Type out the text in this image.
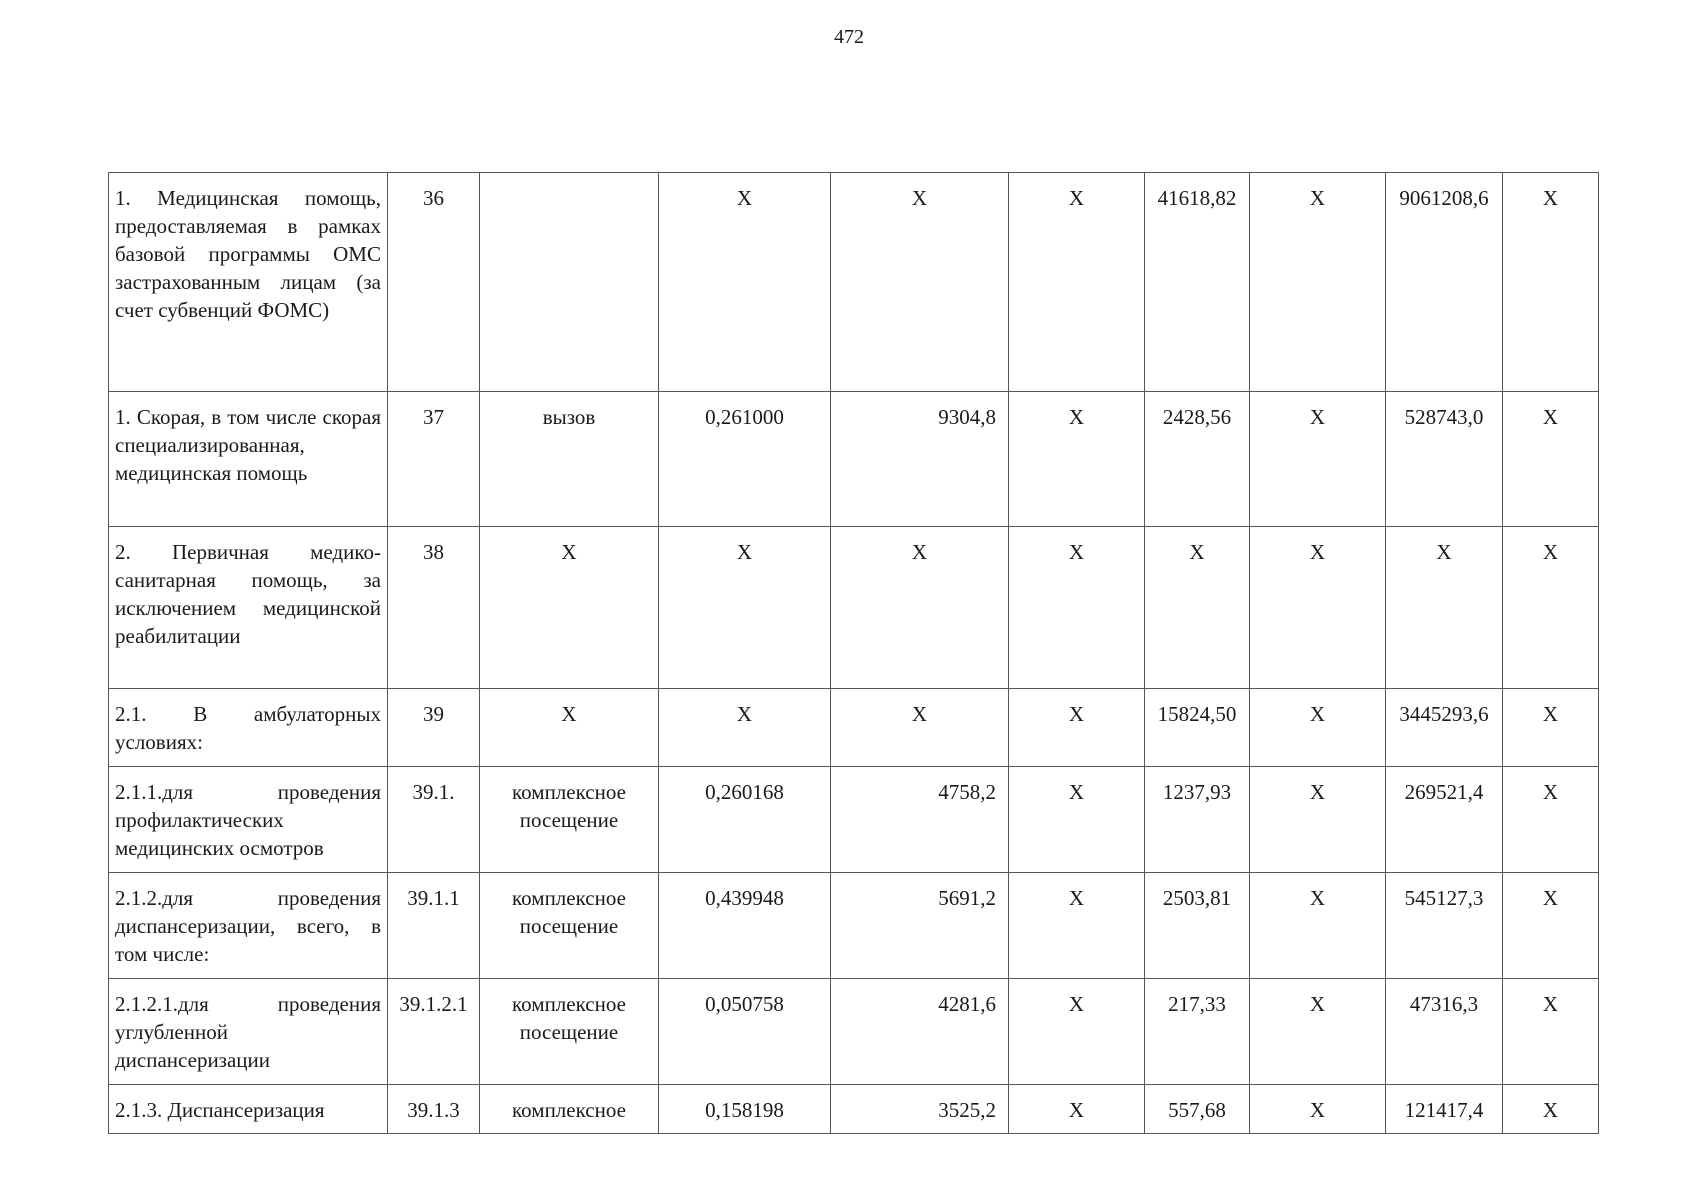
472
1. Медицинская помощь, предоставляемая в рамках базовой программы ОМС застрахованным лицам (за счет субвенций ФОМС)	36		Х	Х	Х	41618,82	Х	9061208,6	Х
1. Скорая, в том числе скорая специализированная, медицинская помощь	37	вызов	0,261000	9304,8	Х	2428,56	Х	528743,0	Х
2. Первичная медико-санитарная помощь, за исключением медицинской реабилитации	38	Х	Х	Х	Х	Х	Х	Х	Х
2.1. В амбулаторных условиях:	39	Х	Х	Х	Х	15824,50	Х	3445293,6	Х
2.1.1.для проведения профилактических медицинских осмотров	39.1.	комплексное посещение	0,260168	4758,2	Х	1237,93	Х	269521,4	Х
2.1.2.для проведения диспансеризации, всего, в том числе:	39.1.1	комплексное посещение	0,439948	5691,2	Х	2503,81	Х	545127,3	Х
2.1.2.1.для проведения углубленной диспансеризации	39.1.2.1	комплексное посещение	0,050758	4281,6	Х	217,33	Х	47316,3	Х
2.1.3. Диспансеризация	39.1.3	комплексное	0,158198	3525,2	Х	557,68	Х	121417,4	Х
